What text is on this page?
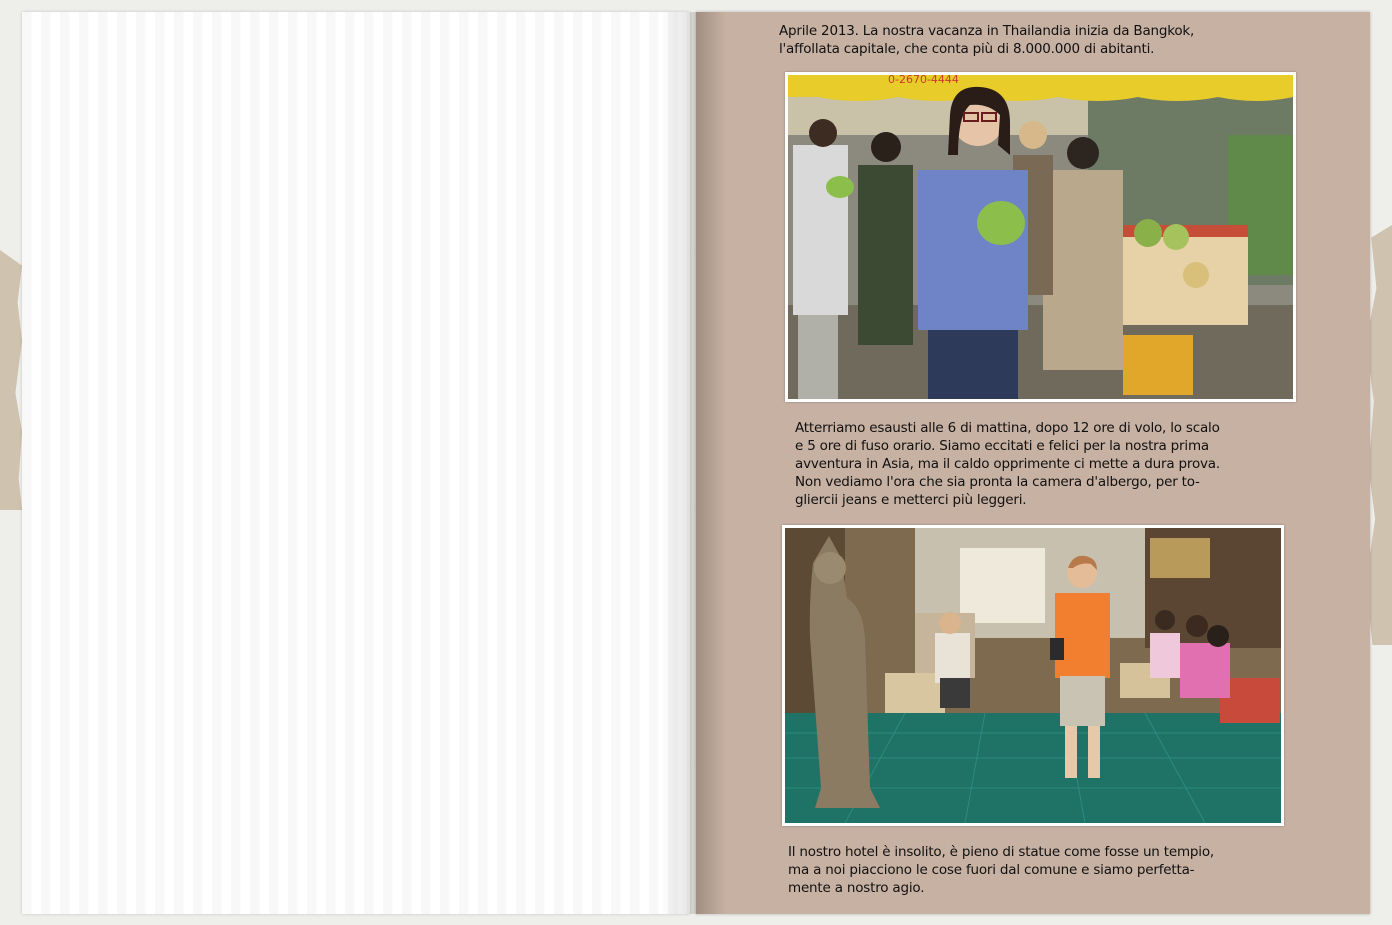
Aprile 2013. La nostra vacanza in Thailandia inizia da Bangkok,
l'affollata capitale, che conta più di 8.000.000 di abitanti.
0-2670-4444
Atterriamo esausti alle 6 di mattina, dopo 12 ore di volo, lo scalo
e 5 ore di fuso orario. Siamo eccitati e felici per la nostra prima
avventura in Asia, ma il caldo opprimente ci mette a dura prova.
Non vediamo l'ora che sia pronta la camera d'albergo, per to-
gliercii jeans e metterci più leggeri.
Il nostro hotel è insolito, è pieno di statue come fosse un tempio,
ma a noi piacciono le cose fuori dal comune e siamo perfetta-
mente a nostro agio.
